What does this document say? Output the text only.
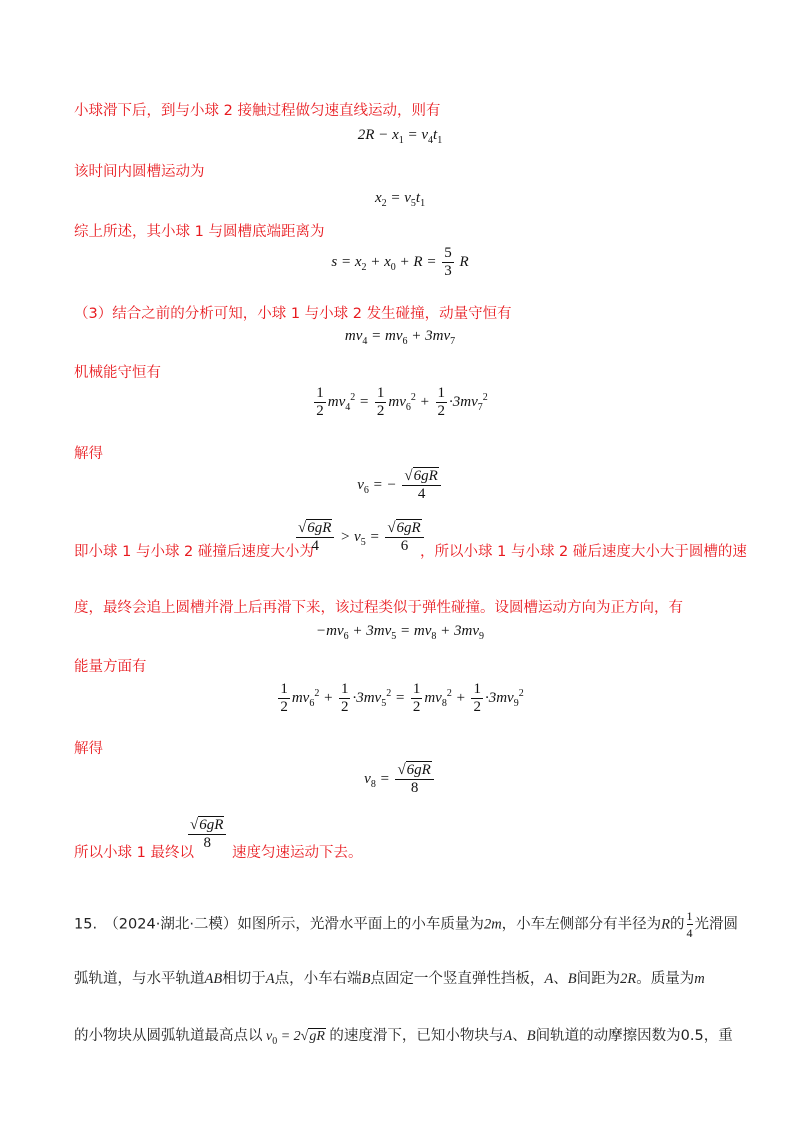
小球滑下后，到与小球 2 接触过程做匀速直线运动，则有
$2R - x_1 = v_4t_1$
该时间内圆槽运动为
$x_2 = v_5t_1$
综上所述，其小球 1 与圆槽底端距离为
$s = x_2 + x_0 + R = \frac{5}{3}$ R
（3）结合之前的分析可知，小球 1 与小球 2 发生碰撞，动量守恒有
$mv_4 = mv_6 + 3mv_7$
机械能守恒有
$\frac{1}{2} mv_4^2 = \frac{1}{2} mv_6^2 + \frac{1}{2} \cdot 3mv_7^2$
解得
$v_6$ = − $\frac{√6gR}{4}$
即小球 1 与小球 2 碰撞后速度大小为
$\frac{√6gR}{4} > v_5 = \frac{√6gR}{6}$
，所以小球 1 与小球 2 碰后速度大小大于圆槽的速
度，最终会追上圆槽并滑上后再滑下来，该过程类似于弹性碰撞。设圆槽运动方向为正方向，有
$-mv_6 + 3mv_5 = mv_8 + 3mv_9$
能量方面有
$\frac{1}{2} mv_6^2 + \frac{1}{2} \cdot 3mv_5^2 = \frac{1}{2} mv_8^2 + \frac{1}{2} \cdot 3mv_9^2$
解得
$v_8 = \frac{√6gR}{8}$
所以小球 1 最终以
$\frac{√6gR}{8}$
速度匀速运动下去。
15.　（2024·湖北·二模）如图所示，光滑水平面上的小车质量为2m，小车左侧部分有半径为R的 $\frac{1}{4}$ 光滑圆
弧轨道，与水平轨道AB相切于A点，小车右端B点固定一个竖直弹性挡板，A、B间距为2R。质量为m
的小物块从圆弧轨道最高点以 $v_0 = 2√gR$ 的速度滑下，已知小物块与A、B间轨道的动摩擦因数为0.5，重
